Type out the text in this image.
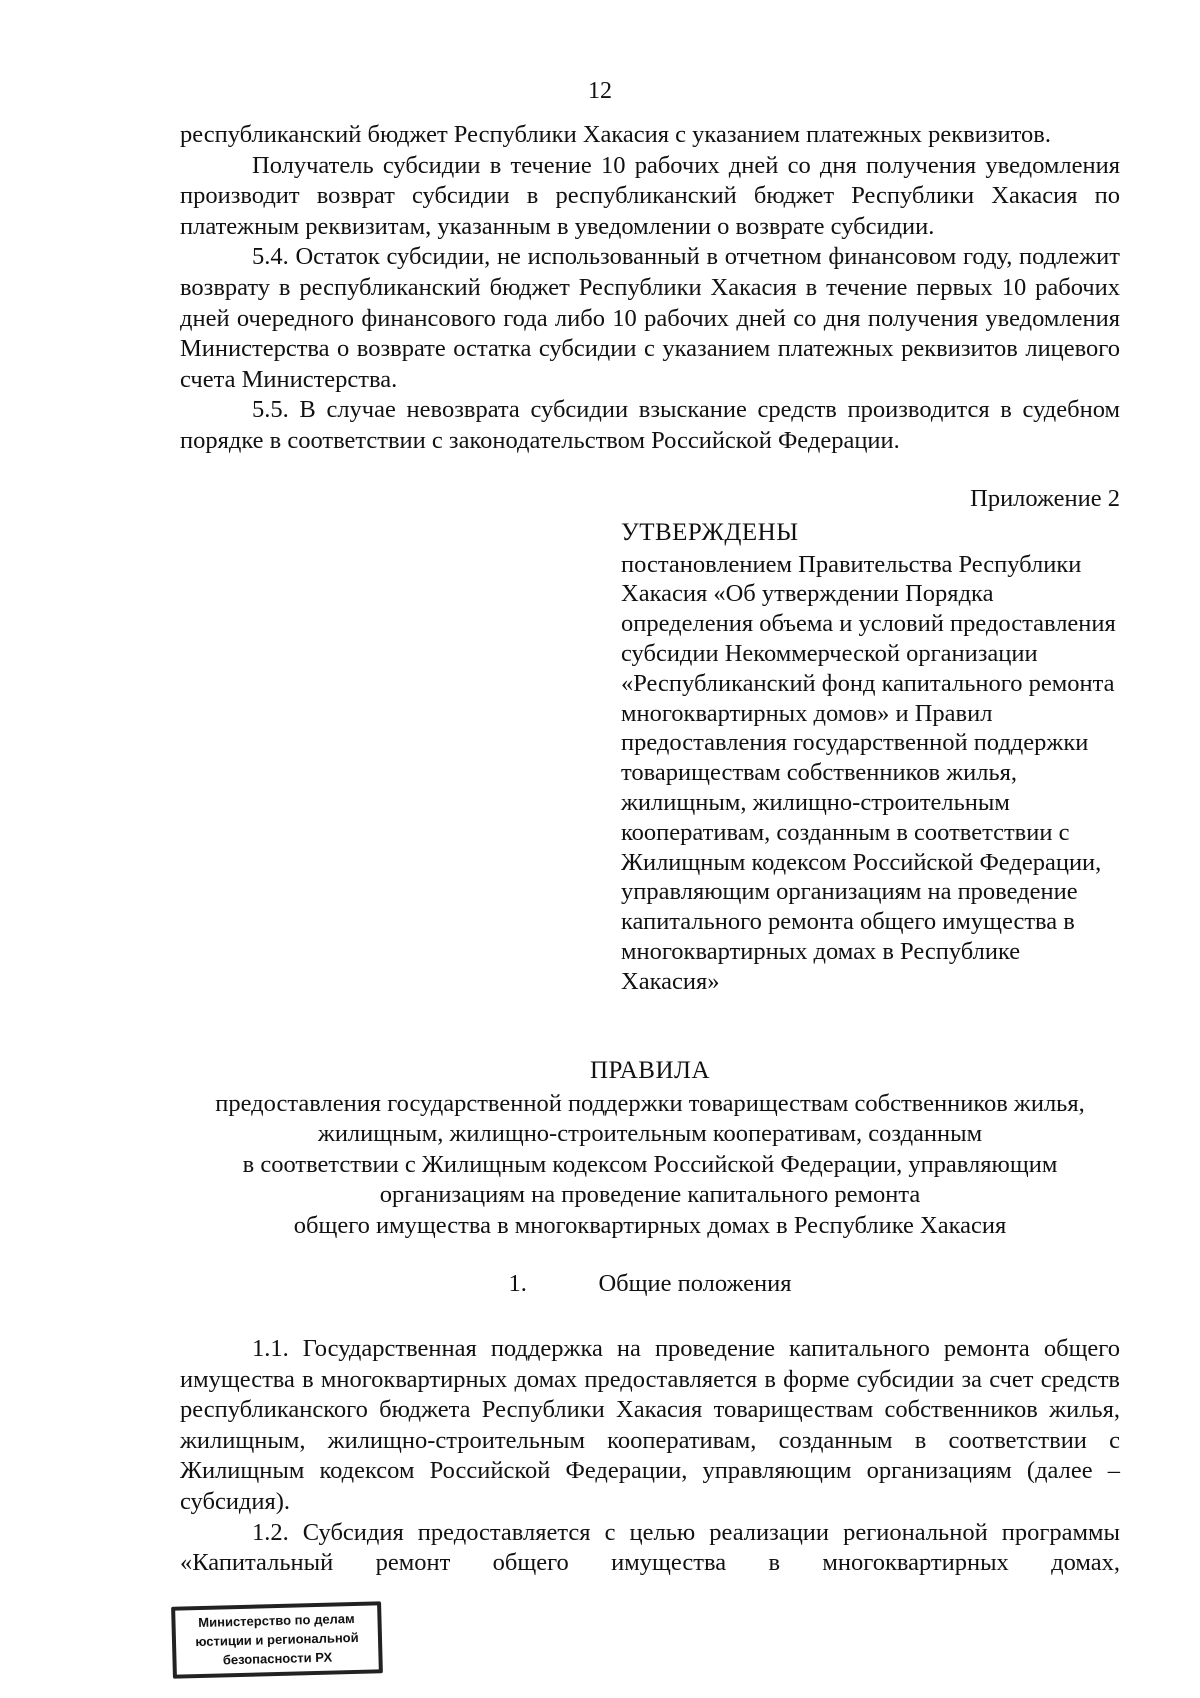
12

республиканский бюджет Республики Хакасия с указанием платежных реквизитов.

Получатель субсидии в течение 10 рабочих дней со дня получения уведомления производит возврат субсидии в республиканский бюджет Республики Хакасия по платежным реквизитам, указанным в уведомлении о возврате субсидии.

5.4. Остаток субсидии, не использованный в отчетном финансовом году, подлежит возврату в республиканский бюджет Республики Хакасия в течение первых 10 рабочих дней очередного финансового года либо 10 рабочих дней со дня получения уведомления Министерства о возврате остатка субсидии с указанием платежных реквизитов лицевого счета Министерства.

5.5. В случае невозврата субсидии взыскание средств производится в судебном порядке в соответствии с законодательством Российской Федерации.

Приложение 2

УТВЕРЖДЕНЫ

постановлением Правительства Республики Хакасия «Об утверждении Порядка определения объема и условий предоставления субсидии Некоммерческой организации «Республиканский фонд капитального ремонта многоквартирных домов» и Правил предоставления государственной поддержки товариществам собственников жилья, жилищным, жилищно-строительным кооперативам, созданным в соответствии с Жилищным кодексом Российской Федерации, управляющим организациям на проведение капитального ремонта общего имущества в многоквартирных домах в Республике Хакасия»

ПРАВИЛА

предоставления государственной поддержки товариществам собственников жилья,

жилищным, жилищно-строительным кооперативам, созданным

в соответствии с Жилищным кодексом Российской Федерации, управляющим

организациям на проведение капитального ремонта

общего имущества в многоквартирных домах в Республике Хакасия

1.	Общие положения

1.1. Государственная поддержка на проведение капитального ремонта общего имущества в многоквартирных домах предоставляется в форме субсидии за счет средств республиканского бюджета Республики Хакасия товариществам собственников жилья, жилищным, жилищно-строительным кооперативам, созданным в соответствии с Жилищным кодексом Российской Федерации, управляющим организациям (далее – субсидия).

1.2. Субсидия предоставляется с целью реализации региональной программы «Капитальный ремонт общего имущества в многоквартирных домах,

Министерство по делам
юстиции и региональной
безопасности РХ
